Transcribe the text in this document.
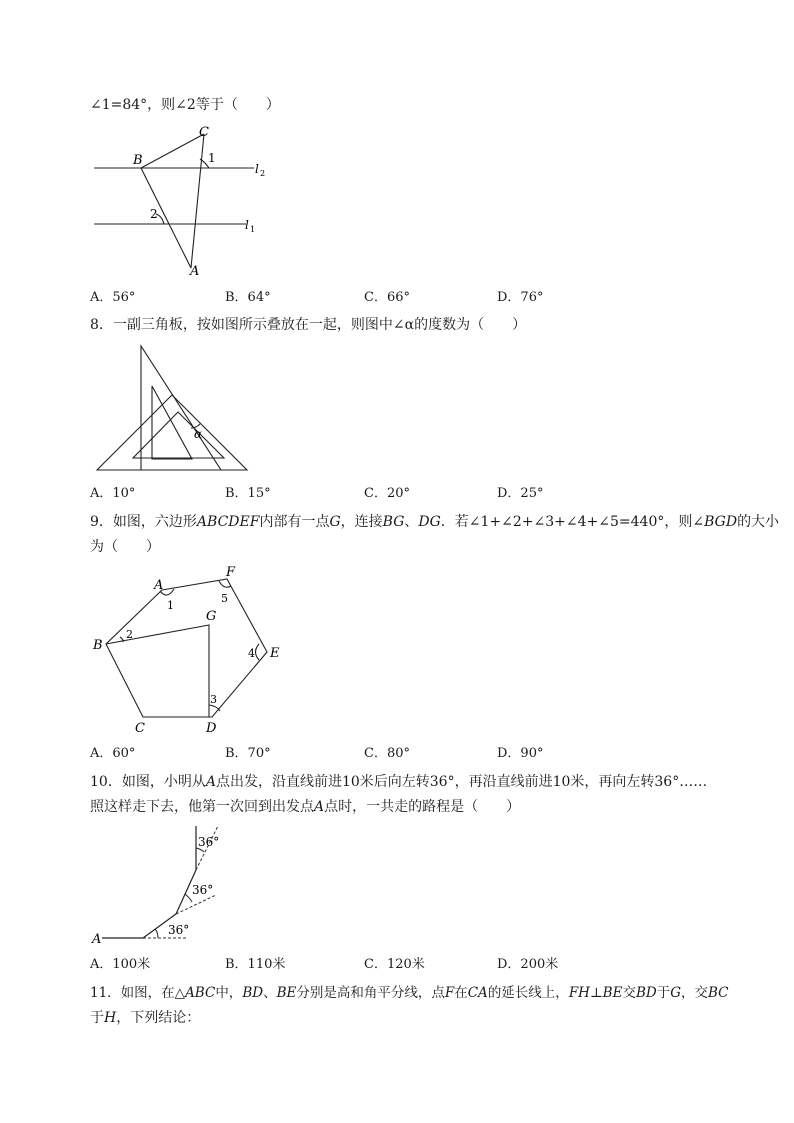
∠1=84°，则∠2等于（　　）
C
B
A
1
2
l 2
l 1
A．56°	B．64°	C．66°	D．76°
8．一副三角板，按如图所示叠放在一起，则图中∠α的度数为（　　）
α
A．10°	B．15°	C．20°	D．25°
9．如图，六边形ABCDEF内部有一点G，连接BG、DG．若∠1+∠2+∠3+∠4+∠5=440°，则∠BGD的大小
为（　　）
A
F
G
B
E
C	D
1
2
3
4
5
A．60°	B．70°	C．80°	D．90°
10．如图，小明从A点出发，沿直线前进10米后向左转36°，再沿直线前进10米，再向左转36°……
照这样走下去，他第一次回到出发点A点时，一共走的路程是（　　）
A
36°
36°
36°
A．100米	B．110米	C．120米	D．200米
11．如图，在△ABC中，BD、BE分别是高和角平分线，点F在CA的延长线上，FH⊥BE交BD于G，交BC
于H，下列结论：
